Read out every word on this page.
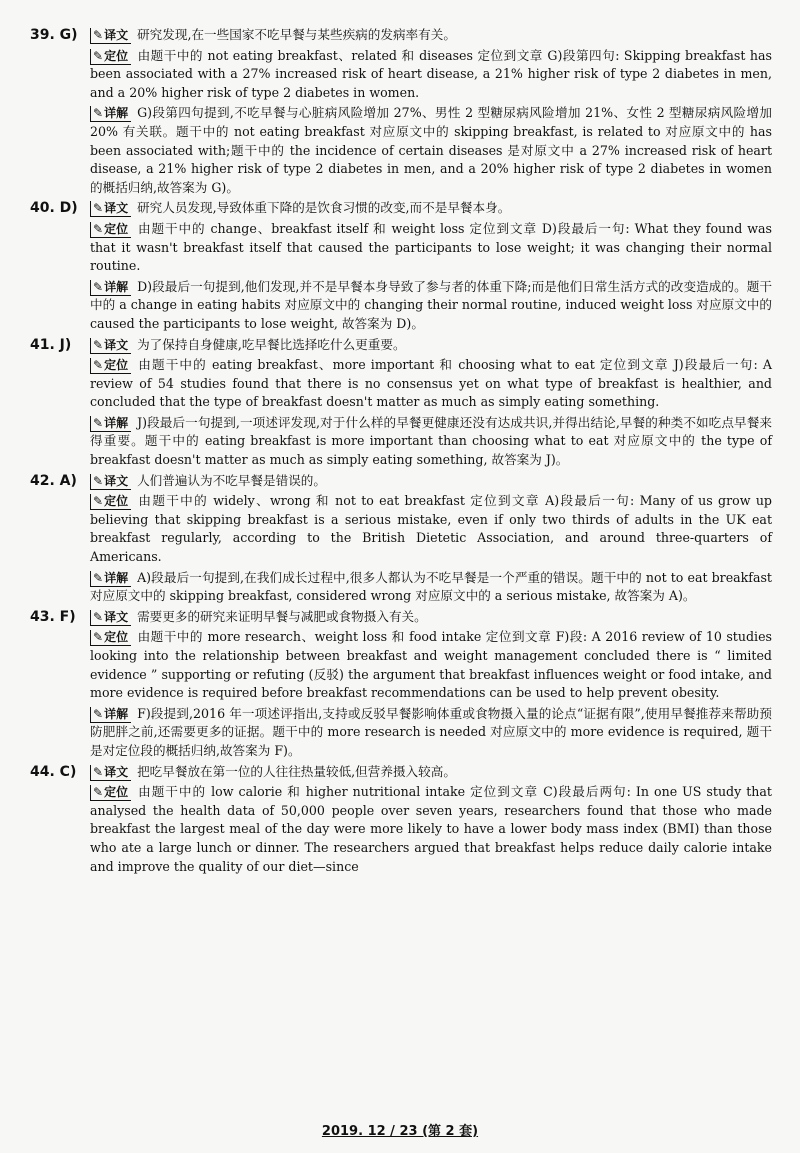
39. G)	✎译文 研究发现,在一些国家不吃早餐与某些疾病的发病率有关。

✎定位 由题干中的 not eating breakfast、related 和 diseases 定位到文章 G)段第四句: Skipping breakfast has been associated with a 27% increased risk of heart disease, a 21% higher risk of type 2 diabetes in men, and a 20% higher risk of type 2 diabetes in women.

✎详解 G)段第四句提到,不吃早餐与心脏病风险增加 27%、男性 2 型糖尿病风险增加 21%、女性 2 型糖尿病风险增加 20% 有关联。题干中的 not eating breakfast 对应原文中的 skipping breakfast, is related to 对应原文中的 has been associated with;题干中的 the incidence of certain diseases 是对原文中 a 27% increased risk of heart disease, a 21% higher risk of type 2 diabetes in men, and a 20% higher risk of type 2 diabetes in women 的概括归纳,故答案为 G)。

40. D)	✎译文 研究人员发现,导致体重下降的是饮食习惯的改变,而不是早餐本身。

✎定位 由题干中的 change、breakfast itself 和 weight loss 定位到文章 D)段最后一句: What they found was that it wasn't breakfast itself that caused the participants to lose weight; it was changing their normal routine.

✎详解 D)段最后一句提到,他们发现,并不是早餐本身导致了参与者的体重下降;而是他们日常生活方式的改变造成的。题干中的 a change in eating habits 对应原文中的 changing their normal routine, induced weight loss 对应原文中的 caused the participants to lose weight, 故答案为 D)。

41. J)	✎译文 为了保持自身健康,吃早餐比选择吃什么更重要。

✎定位 由题干中的 eating breakfast、more important 和 choosing what to eat 定位到文章 J)段最后一句: A review of 54 studies found that there is no consensus yet on what type of breakfast is healthier, and concluded that the type of breakfast doesn't matter as much as simply eating something.

✎详解 J)段最后一句提到,一项述评发现,对于什么样的早餐更健康还没有达成共识,并得出结论,早餐的种类不如吃点早餐来得重要。题干中的 eating breakfast is more important than choosing what to eat 对应原文中的 the type of breakfast doesn't matter as much as simply eating something, 故答案为 J)。

42. A)	✎译文 人们普遍认为不吃早餐是错误的。

✎定位 由题干中的 widely、wrong 和 not to eat breakfast 定位到文章 A)段最后一句: Many of us grow up believing that skipping breakfast is a serious mistake, even if only two thirds of adults in the UK eat breakfast regularly, according to the British Dietetic Association, and around three-quarters of Americans.

✎详解 A)段最后一句提到,在我们成长过程中,很多人都认为不吃早餐是一个严重的错误。题干中的 not to eat breakfast 对应原文中的 skipping breakfast, considered wrong 对应原文中的 a serious mistake, 故答案为 A)。

43. F)	✎译文 需要更多的研究来证明早餐与减肥或食物摄入有关。

✎定位 由题干中的 more research、weight loss 和 food intake 定位到文章 F)段: A 2016 review of 10 studies looking into the relationship between breakfast and weight management concluded there is “ limited evidence ” supporting or refuting (反驳) the argument that breakfast influences weight or food intake, and more evidence is required before breakfast recommendations can be used to help prevent obesity.

✎详解 F)段提到,2016 年一项述评指出,支持或反驳早餐影响体重或食物摄入量的论点“证据有限”,使用早餐推荐来帮助预防肥胖之前,还需要更多的证据。题干中的 more research is needed 对应原文中的 more evidence is required, 题干是对定位段的概括归纳,故答案为 F)。

44. C)	✎译文 把吃早餐放在第一位的人往往热量较低,但营养摄入较高。

✎定位 由题干中的 low calorie 和 higher nutritional intake 定位到文章 C)段最后两句: In one US study that analysed the health data of 50,000 people over seven years, researchers found that those who made breakfast the largest meal of the day were more likely to have a lower body mass index (BMI) than those who ate a large lunch or dinner. The researchers argued that breakfast helps reduce daily calorie intake and improve the quality of our diet—since

2019. 12 / 23 (第 2 套)
